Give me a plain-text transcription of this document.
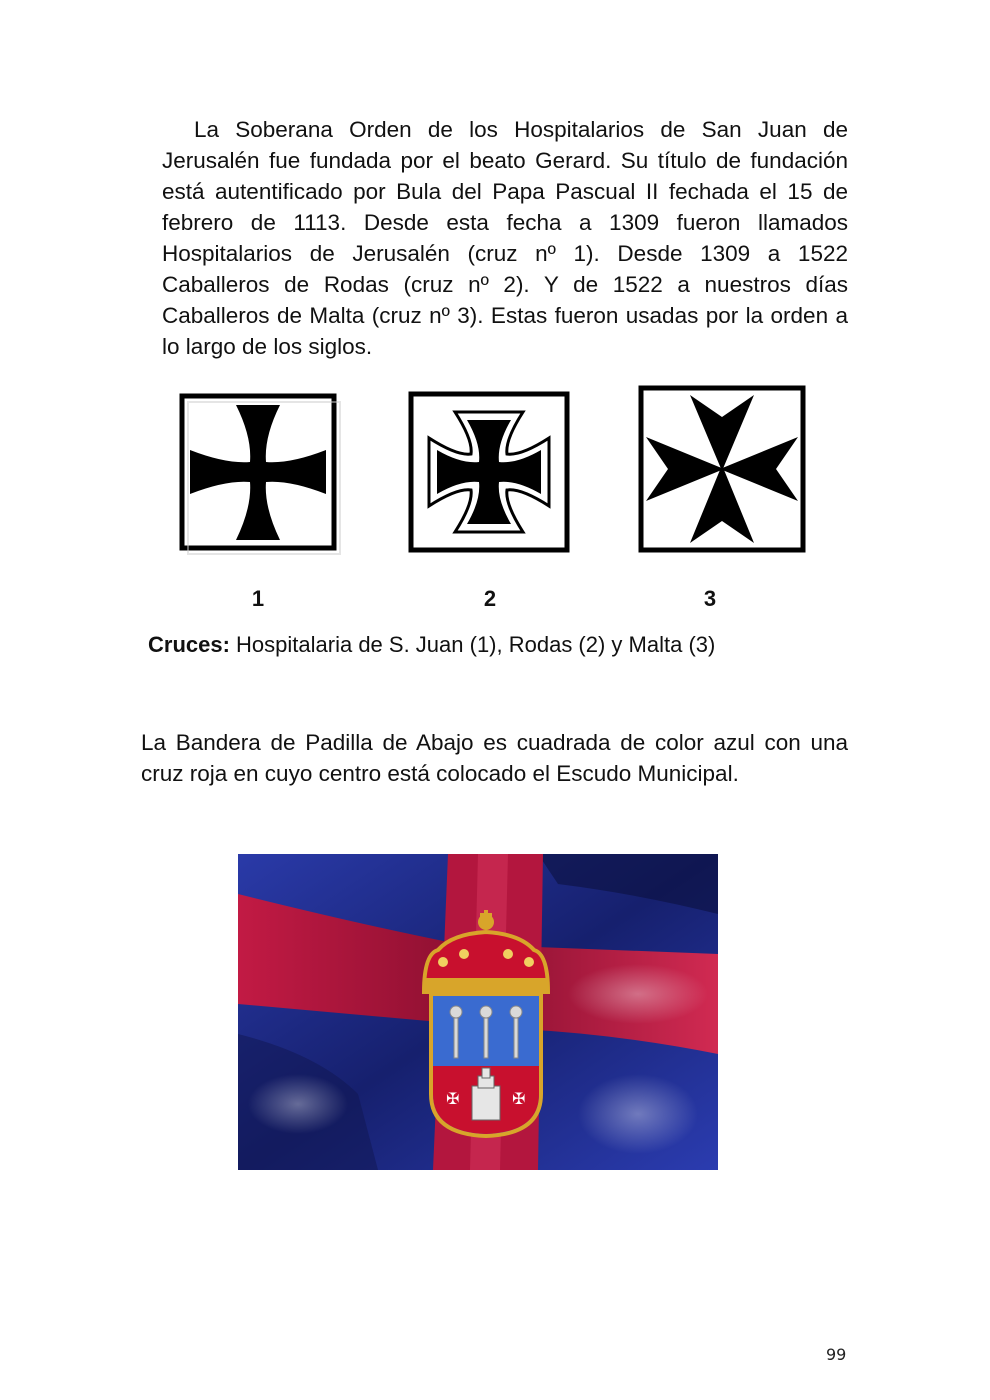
La Soberana Orden de los Hospitalarios de San Juan de Jerusalén fue fundada por el beato Gerard. Su título de fundación está autentificado por Bula del Papa Pascual II fechada el 15 de febrero de 1113. Desde esta fecha a 1309 fueron llamados Hospitalarios de Jerusalén (cruz nº 1). Desde 1309 a 1522 Caballeros de Rodas (cruz nº 2). Y de 1522 a nuestros días Caballeros de Malta (cruz nº 3). Estas fueron usadas por la orden a lo largo de los siglos.

1	2	3

Cruces: Hospitalaria de S. Juan (1), Rodas (2) y Malta (3)

La Bandera de Padilla de Abajo es cuadrada de color azul con una cruz roja en cuyo centro está colocado el Escudo Municipal.

✠	✠
99
